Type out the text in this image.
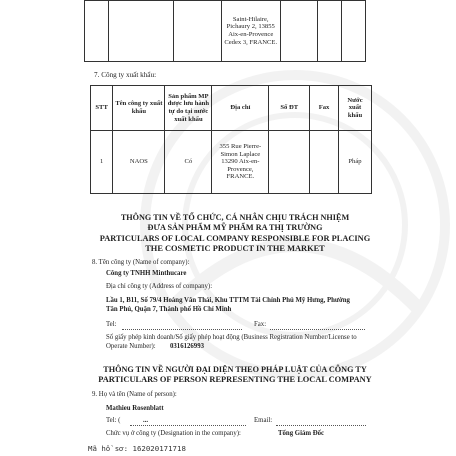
			Saint-Hilaire, Pichaury 2, 13855 Aix-en-Provence Cedex 3, FRANCE.			
7. Công ty xuất khẩu:
STT	Tên công ty xuất khẩu	Sản phẩm MP được lưu hành tự do tại nước xuất khẩu	Địa chỉ	Số ĐT	Fax	Nước xuất khẩu
1	NAOS	Có	355 Rue Pierre-Simon Laplace 13290 Aix-en-Provence, FRANCE.			Pháp
THÔNG TIN VỀ TỔ CHỨC, CÁ NHÂN CHỊU TRÁCH NHIỆM
ĐƯA SẢN PHẨM MỸ PHẨM RA THỊ TRƯỜNG
PARTICULARS OF LOCAL COMPANY RESPONSIBLE FOR PLACING
THE COSMETIC PRODUCT IN THE MARKET
8. Tên công ty (Name of company):
Công ty TNHH Minthucare
Địa chỉ công ty (Address of company):
Lầu 1, B11, Số 79/4 Hoàng Văn Thái, Khu TTTM Tài Chính Phú Mỹ Hưng, Phường
Tân Phú, Quận 7, Thành phố Hồ Chí Minh
Tel:	Fax:
Số giấy phép kinh doanh/Số giấy phép hoạt động (Business Registration Number/License to
Operate Number): 0316126993
THÔNG TIN VỀ NGƯỜI ĐẠI DIỆN THEO PHÁP LUẬT CỦA CÔNG TY
PARTICULARS OF PERSON REPRESENTING THE LOCAL COMPANY
9. Họ và tên (Name of person):
Mathieu Rosenblatt
Tel: (	...	Email:
Chức vụ ở công ty (Designation in the company):	Tổng Giám Đốc
Mã hồ sơ: 162020171718
